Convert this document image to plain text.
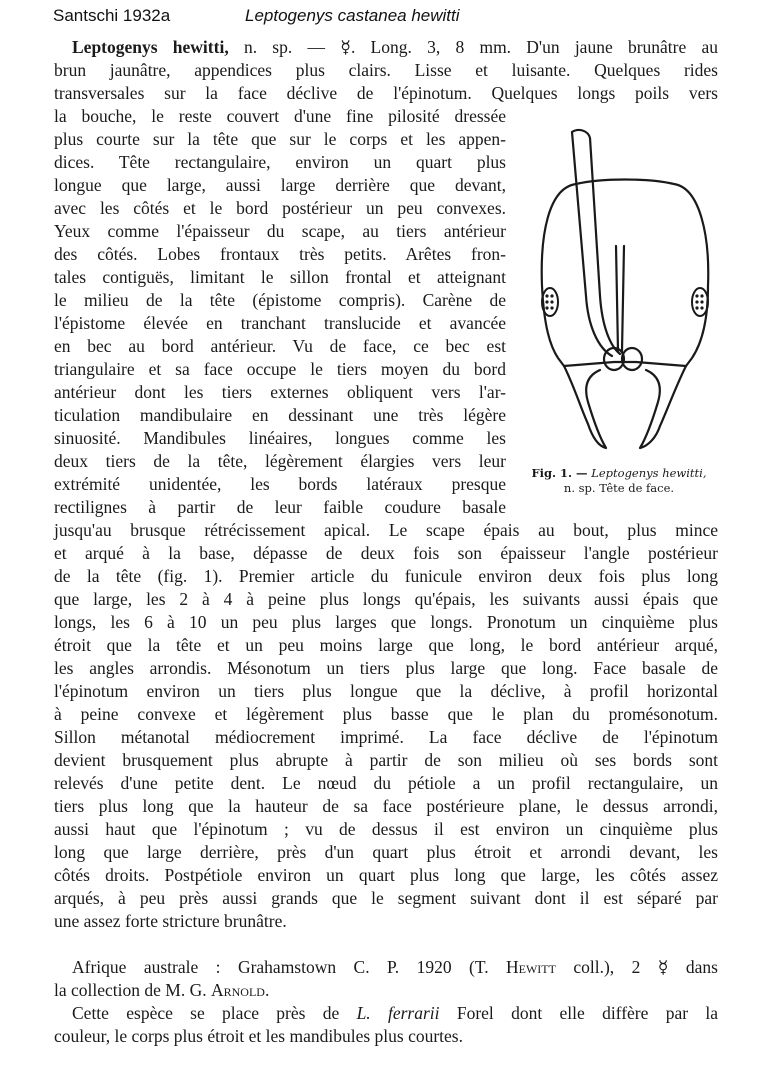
Santschi 1932a	Leptogenys castanea hewitti
Fig. 1. — Leptogenys hewitti,
n. sp. Tête de face.
Leptogenys hewitti, n. sp. — ☿. Long. 3, 8 mm. D'un jaune brunâtre au
brun jaunâtre, appendices plus clairs. Lisse et luisante. Quelques rides
transversales sur la face déclive de l'épinotum. Quelques longs poils vers
la bouche, le reste couvert d'une fine pilosité dressée
plus courte sur la tête que sur le corps et les appen-
dices. Tête rectangulaire, environ un quart plus
longue que large, aussi large derrière que devant,
avec les côtés et le bord postérieur un peu convexes.
Yeux comme l'épaisseur du scape, au tiers antérieur
des côtés. Lobes frontaux très petits. Arêtes fron-
tales contiguës, limitant le sillon frontal et atteignant
le milieu de la tête (épistome compris). Carène de
l'épistome élevée en tranchant translucide et avancée
en bec au bord antérieur. Vu de face, ce bec est
triangulaire et sa face occupe le tiers moyen du bord
antérieur dont les tiers externes obliquent vers l'ar-
ticulation mandibulaire en dessinant une très légère
sinuosité. Mandibules linéaires, longues comme les
deux tiers de la tête, légèrement élargies vers leur
extrémité unidentée, les bords latéraux presque
rectilignes à partir de leur faible coudure basale
jusqu'au brusque rétrécissement apical. Le scape épais au bout, plus mince
et arqué à la base, dépasse de deux fois son épaisseur l'angle postérieur
de la tête (fig. 1). Premier article du funicule environ deux fois plus long
que large, les 2 à 4 à peine plus longs qu'épais, les suivants aussi épais que
longs, les 6 à 10 un peu plus larges que longs. Pronotum un cinquième plus
étroit que la tête et un peu moins large que long, le bord antérieur arqué,
les angles arrondis. Mésonotum un tiers plus large que long. Face basale de
l'épinotum environ un tiers plus longue que la déclive, à profil horizontal
à peine convexe et légèrement plus basse que le plan du promésonotum.
Sillon métanotal médiocrement imprimé. La face déclive de l'épinotum
devient brusquement plus abrupte à partir de son milieu où ses bords sont
relevés d'une petite dent. Le nœud du pétiole a un profil rectangulaire, un
tiers plus long que la hauteur de sa face postérieure plane, le dessus arrondi,
aussi haut que l'épinotum ; vu de dessus il est environ un cinquième plus
long que large derrière, près d'un quart plus étroit et arrondi devant, les
côtés droits. Postpétiole environ un quart plus long que large, les côtés assez
arqués, à peu près aussi grands que le segment suivant dont il est séparé par
une assez forte stricture brunâtre.
Afrique australe : Grahamstown C. P. 1920 (T. Hewitt coll.), 2 ☿ dans
la collection de M. G. Arnold.
Cette espèce se place près de L. ferrarii Forel dont elle diffère par la
couleur, le corps plus étroit et les mandibules plus courtes.
